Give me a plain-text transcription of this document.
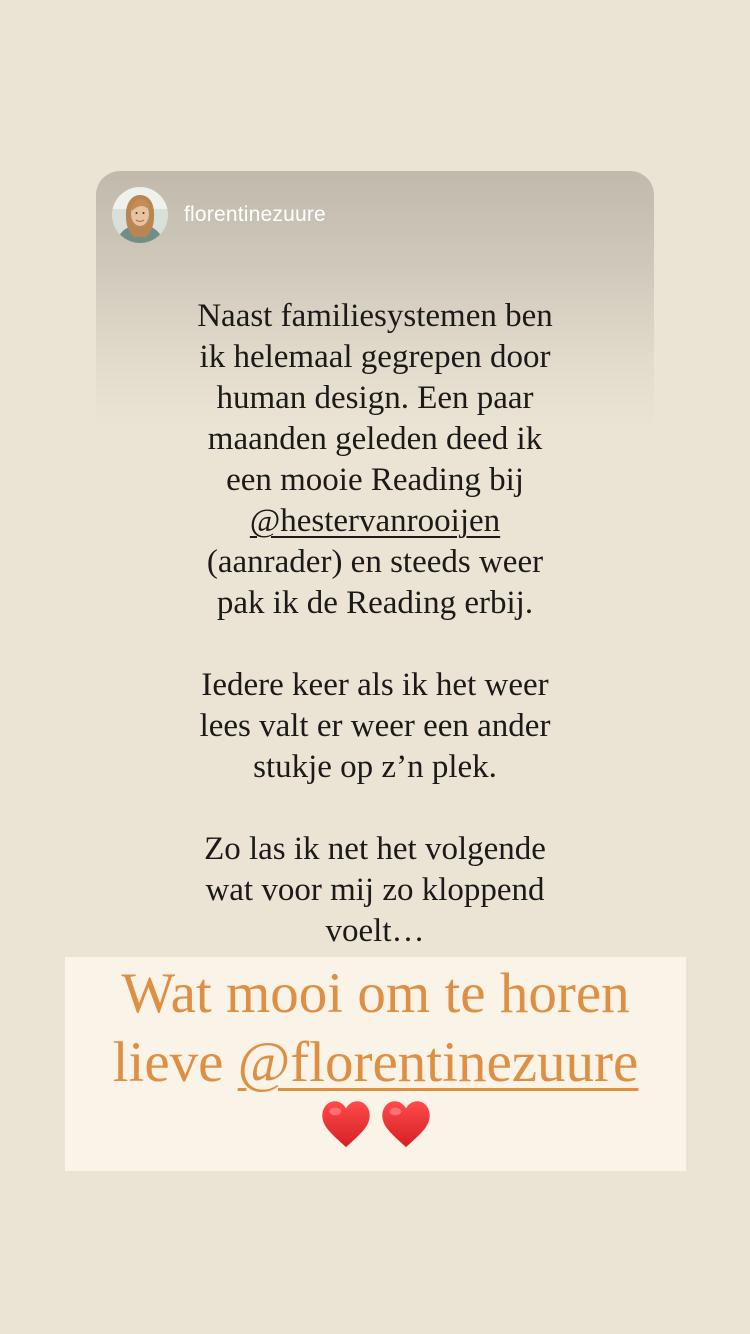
florentinezuure

Naast familiesystemen ben
ik helemaal gegrepen door
human design. Een paar
maanden geleden deed ik
een mooie Reading bij
@hestervanrooijen
(aanrader) en steeds weer
pak ik de Reading erbij.

Iedere keer als ik het weer
lees valt er weer een ander
stukje op z’n plek.

Zo las ik net het volgende
wat voor mij zo kloppend
voelt…

Wat mooi om te horen
lieve @florentinezuure
